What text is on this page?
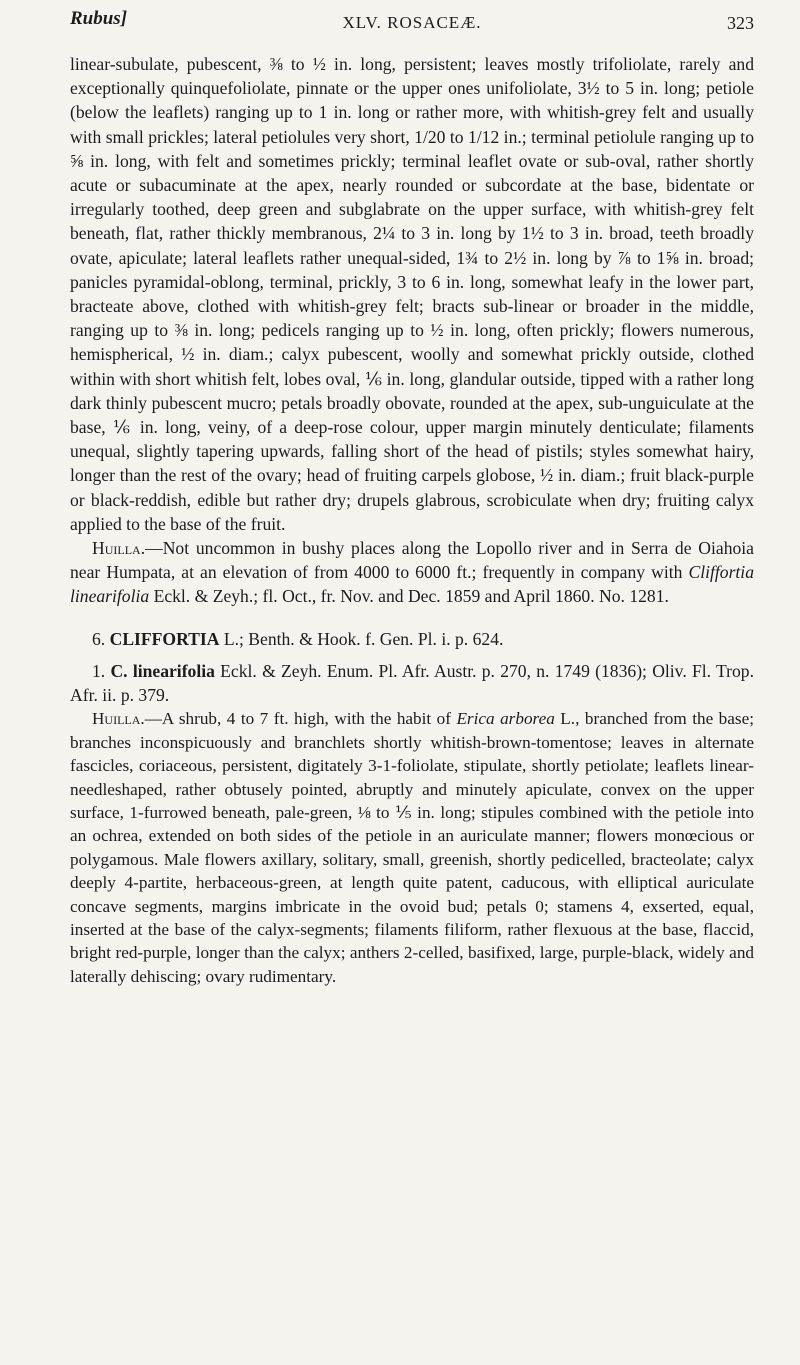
Rubus]	XLV. ROSACEÆ.	323

linear-subulate, pubescent, ⅜ to ½ in. long, persistent; leaves mostly trifoliolate, rarely and exceptionally quinquefoliolate, pinnate or the upper ones unifoliolate, 3½ to 5 in. long; petiole (below the leaflets) ranging up to 1 in. long or rather more, with whitish-grey felt and usually with small prickles; lateral petiolules very short, 1/20 to 1/12 in.; terminal petiolule ranging up to ⅝ in. long, with felt and sometimes prickly; terminal leaflet ovate or sub-oval, rather shortly acute or subacuminate at the apex, nearly rounded or subcordate at the base, bidentate or irregularly toothed, deep green and subglabrate on the upper surface, with whitish-grey felt beneath, flat, rather thickly membranous, 2¼ to 3 in. long by 1½ to 3 in. broad, teeth broadly ovate, apiculate; lateral leaflets rather unequal-sided, 1¾ to 2½ in. long by ⅞ to 1⅝ in. broad; panicles pyramidal-oblong, terminal, prickly, 3 to 6 in. long, somewhat leafy in the lower part, bracteate above, clothed with whitish-grey felt; bracts sub-linear or broader in the middle, ranging up to ⅜ in. long; pedicels ranging up to ½ in. long, often prickly; flowers numerous, hemispherical, ½ in. diam.; calyx pubescent, woolly and somewhat prickly outside, clothed within with short whitish felt, lobes oval, ⅙ in. long, glandular outside, tipped with a rather long dark thinly pubescent mucro; petals broadly obovate, rounded at the apex, sub-unguiculate at the base, ⅙ in. long, veiny, of a deep-rose colour, upper margin minutely denticulate; filaments unequal, slightly tapering upwards, falling short of the head of pistils; styles somewhat hairy, longer than the rest of the ovary; head of fruiting carpels globose, ½ in. diam.; fruit black-purple or black-reddish, edible but rather dry; drupels glabrous, scrobiculate when dry; fruiting calyx applied to the base of the fruit.

Huilla.—Not uncommon in bushy places along the Lopollo river and in Serra de Oiahoia near Humpata, at an elevation of from 4000 to 6000 ft.; frequently in company with Cliffortia linearifolia Eckl. & Zeyh.; fl. Oct., fr. Nov. and Dec. 1859 and April 1860. No. 1281.

6. CLIFFORTIA L.; Benth. & Hook. f. Gen. Pl. i. p. 624.

1. C. linearifolia Eckl. & Zeyh. Enum. Pl. Afr. Austr. p. 270, n. 1749 (1836); Oliv. Fl. Trop. Afr. ii. p. 379.

Huilla.—A shrub, 4 to 7 ft. high, with the habit of Erica arborea L., branched from the base; branches inconspicuously and branchlets shortly whitish-brown-tomentose; leaves in alternate fascicles, coriaceous, persistent, digitately 3-1-foliolate, stipulate, shortly petiolate; leaflets linear-needleshaped, rather obtusely pointed, abruptly and minutely apiculate, convex on the upper surface, 1-furrowed beneath, pale-green, ⅛ to ⅕ in. long; stipules combined with the petiole into an ochrea, extended on both sides of the petiole in an auriculate manner; flowers monœcious or polygamous. Male flowers axillary, solitary, small, greenish, shortly pedicelled, bracteolate; calyx deeply 4-partite, herbaceous-green, at length quite patent, caducous, with elliptical auriculate concave segments, margins imbricate in the ovoid bud; petals 0; stamens 4, exserted, equal, inserted at the base of the calyx-segments; filaments filiform, rather flexuous at the base, flaccid, bright red-purple, longer than the calyx; anthers 2-celled, basifixed, large, purple-black, widely and laterally dehiscing; ovary rudimentary.
